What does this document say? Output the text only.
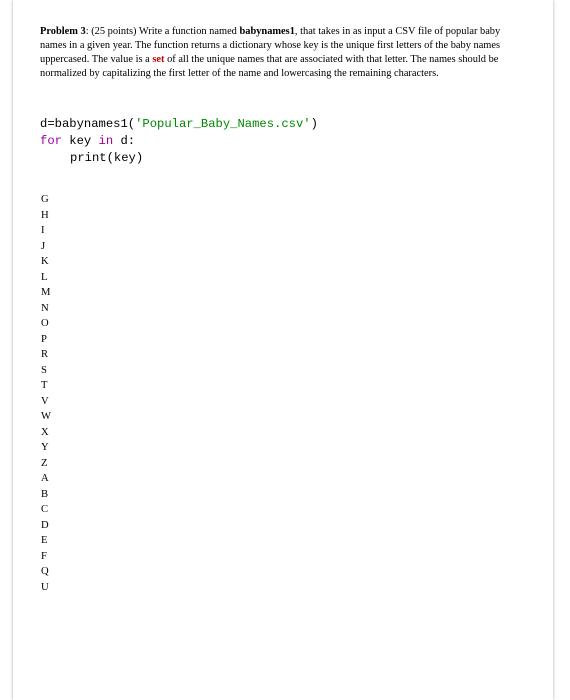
Problem 3: (25 points) Write a function named babynames1, that takes in as input a CSV file of popular baby names in a given year. The function returns a dictionary whose key is the unique first letters of the baby names uppercased. The value is a set of all the unique names that are associated with that letter. The names should be normalized by capitalizing the first letter of the name and lowercasing the remaining characters.
d=babynames1('Popular_Baby_Names.csv')
for key in d:
print(key)
G
H
I
J
K
L
M
N
O
P
R
S
T
V
W
X
Y
Z
A
B
C
D
E
F
Q
U
